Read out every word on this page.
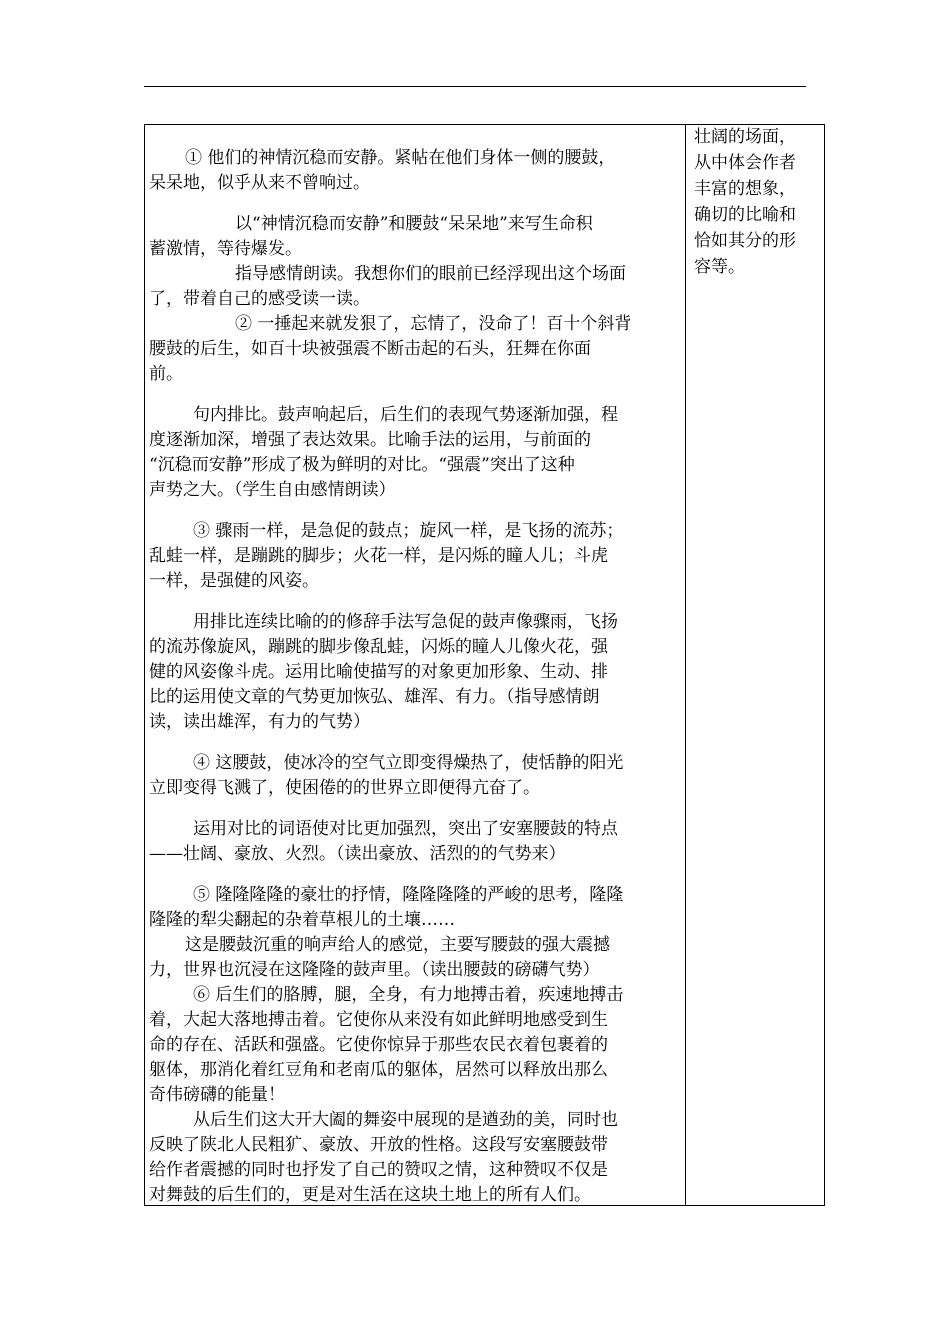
① 他们的神情沉稳而安静。紧帖在他们身体一侧的腰鼓，
呆呆地，似乎从来不曾响过。
以“神情沉稳而安静”和腰鼓“呆呆地”来写生命积
蓄激情，等待爆发。
指导感情朗读。我想你们的眼前已经浮现出这个场面
了，带着自己的感受读一读。
② 一捶起来就发狠了，忘情了，没命了！百十个斜背
腰鼓的后生，如百十块被强震不断击起的石头，狂舞在你面
前。
句内排比。鼓声响起后，后生们的表现气势逐渐加强，程
度逐渐加深，增强了表达效果。比喻手法的运用，与前面的
“沉稳而安静”形成了极为鲜明的对比。“强震”突出了这种
声势之大。（学生自由感情朗读）
③ 骤雨一样，是急促的鼓点；旋风一样，是飞扬的流苏；
乱蛙一样，是蹦跳的脚步；火花一样，是闪烁的瞳人儿；斗虎
一样，是强健的风姿。
用排比连续比喻的的修辞手法写急促的鼓声像骤雨，飞扬
的流苏像旋风，蹦跳的脚步像乱蛙，闪烁的瞳人儿像火花，强
健的风姿像斗虎。运用比喻使描写的对象更加形象、生动、排
比的运用使文章的气势更加恢弘、雄浑、有力。（指导感情朗
读，读出雄浑，有力的气势）
④ 这腰鼓，使冰冷的空气立即变得燥热了，使恬静的阳光
立即变得飞溅了，使困倦的的世界立即便得亢奋了。
运用对比的词语使对比更加强烈，突出了安塞腰鼓的特点
——壮阔、豪放、火烈。（读出豪放、活烈的的气势来）
⑤ 隆隆隆隆的豪壮的抒情，隆隆隆隆的严峻的思考，隆隆
隆隆的犁尖翻起的杂着草根儿的土壤……
这是腰鼓沉重的响声给人的感觉，主要写腰鼓的强大震撼
力，世界也沉浸在这隆隆的鼓声里。（读出腰鼓的磅礴气势）
⑥ 后生们的胳膊，腿，全身，有力地搏击着，疾速地搏击
着，大起大落地搏击着。它使你从来没有如此鲜明地感受到生
命的存在、活跃和强盛。它使你惊异于那些农民衣着包裹着的
躯体，那消化着红豆角和老南瓜的躯体，居然可以释放出那么
奇伟磅礴的能量！
从后生们这大开大阖的舞姿中展现的是遒劲的美，同时也
反映了陕北人民粗犷、豪放、开放的性格。这段写安塞腰鼓带
给作者震撼的同时也抒发了自己的赞叹之情，这种赞叹不仅是
对舞鼓的后生们的，更是对生活在这块土地上的所有人们。
壮阔的场面，
从中体会作者
丰富的想象，
确切的比喻和
恰如其分的形
容等。
